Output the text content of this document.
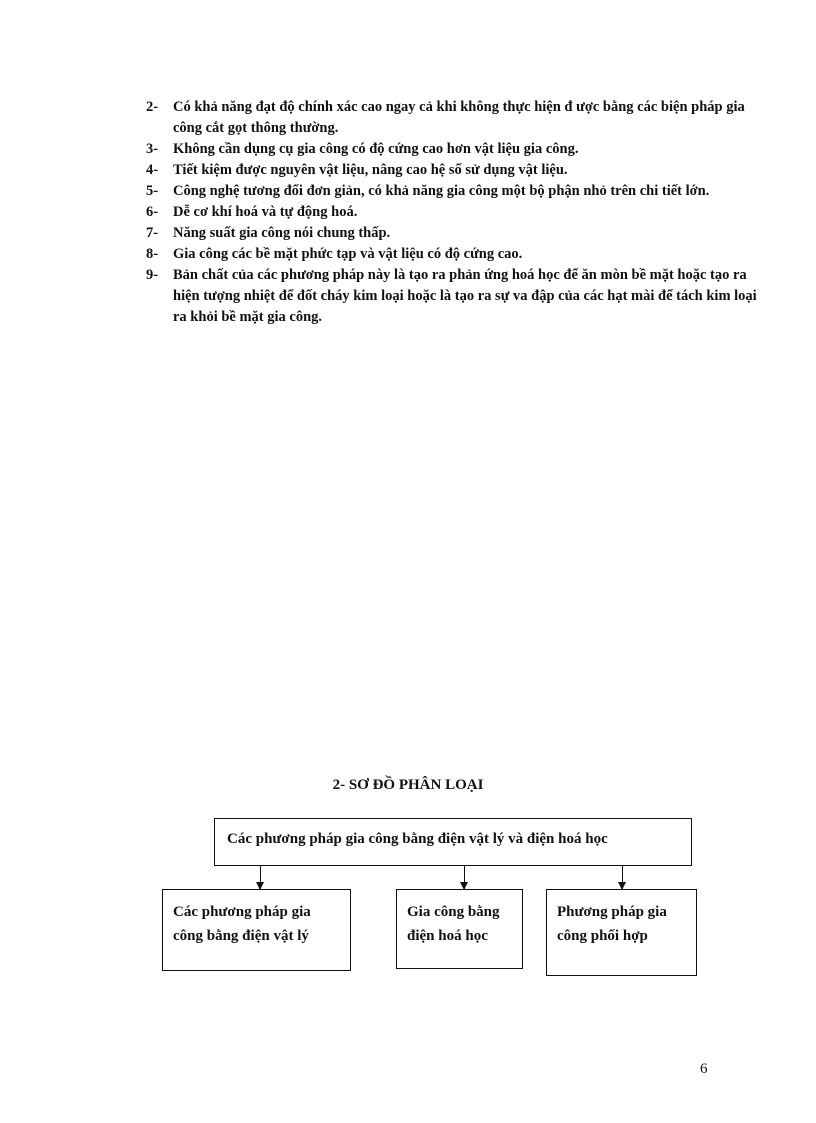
2-	Có khả năng đạt độ chính xác cao ngay cả khi không thực hiện đ ược bằng các biện pháp gia công cắt gọt thông thường.
3-	Không cần dụng cụ gia công có độ cứng cao hơn vật liệu gia công.
4-	Tiết kiệm được nguyên vật liệu, nâng cao hệ số sử dụng vật liệu.
5-	Công nghệ tương đối đơn giản, có khả năng gia công một bộ phận nhỏ trên chi tiết lớn.
6-	Dễ cơ khí hoá và tự động hoá.
7-	Năng suất gia công nói chung thấp.
8-	Gia công các bề mặt phức tạp và vật liệu có độ cứng cao.
9-	Bản chất của các phương pháp này là tạo ra phản ứng hoá học để ăn mòn bề mặt hoặc tạo ra hiện tượng nhiệt để đốt cháy kim loại hoặc là tạo ra sự va đập của các hạt mài để tách kim loại ra khỏi bề mặt gia công.
2- SƠ ĐỒ PHÂN LOẠI
Các phương pháp gia công bằng điện vật lý và điện hoá học
Các phương pháp gia công bằng điện vật lý
Gia công bằng điện hoá học
Phương pháp gia công phối hợp
6
